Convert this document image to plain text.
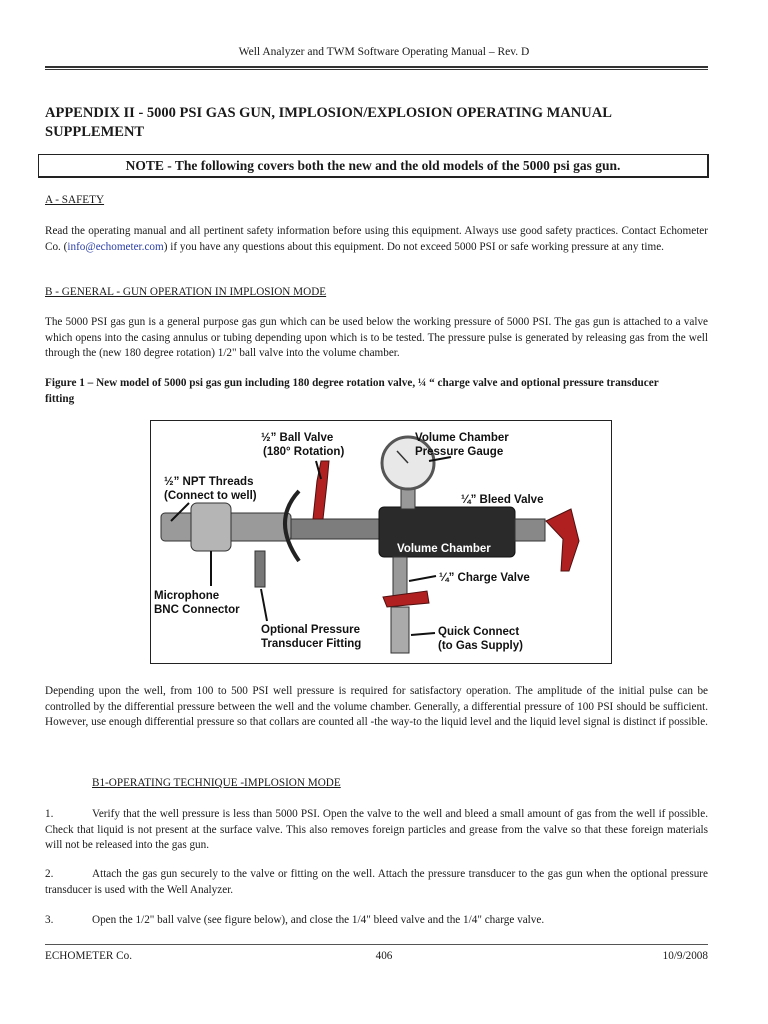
Well Analyzer and TWM Software Operating Manual – Rev. D
APPENDIX II - 5000 PSI GAS GUN, IMPLOSION/EXPLOSION OPERATING MANUAL SUPPLEMENT
NOTE - The following covers both the new and the old models of the 5000 psi gas gun.
A - SAFETY
Read the operating manual and all pertinent safety information before using this equipment. Always use good safety practices. Contact Echometer Co. (info@echometer.com) if you have any questions about this equipment. Do not exceed 5000 PSI or safe working pressure at any time.
B - GENERAL - GUN OPERATION IN IMPLOSION MODE
The 5000 PSI gas gun is a general purpose gas gun which can be used below the working pressure of 5000 PSI. The gas gun is attached to a valve which opens into the casing annulus or tubing depending upon which is to be tested. The pressure pulse is generated by releasing gas from the well through the (new 180 degree rotation) 1/2" ball valve into the volume chamber.
Figure 1 – New model of 5000 psi gas gun including 180 degree rotation valve, ¼ “ charge valve and optional pressure transducer fitting
½” Ball Valve
(180° Rotation)
Volume Chamber
Pressure Gauge
½” NPT Threads
(Connect to well)	¼” Bleed Valve
Volume Chamber
¼” Charge Valve
Microphone
BNC Connector
Optional Pressure
Transducer Fitting
Quick Connect
(to Gas Supply)
Depending upon the well, from 100 to 500 PSI well pressure is required for satisfactory operation. The amplitude of the initial pulse can be controlled by the differential pressure between the well and the volume chamber. Generally, a differential pressure of 100 PSI should be sufficient. However, use enough differential pressure so that collars are counted all -the way-to the liquid level and the liquid level signal is distinct if possible.
B1-OPERATING TECHNIQUE -IMPLOSION MODE
1.	Verify that the well pressure is less than 5000 PSI. Open the valve to the well and bleed a small amount of gas from the well if possible. Check that liquid is not present at the surface valve. This also removes foreign particles and grease from the valve so that these foreign materials will not be released into the gas gun.
2.	Attach the gas gun securely to the valve or fitting on the well. Attach the pressure transducer to the gas gun when the optional pressure transducer is used with the Well Analyzer.
3.	Open the 1/2" ball valve (see figure below), and close the 1/4" bleed valve and the 1/4" charge valve.
ECHOMETER Co.	406	10/9/2008
